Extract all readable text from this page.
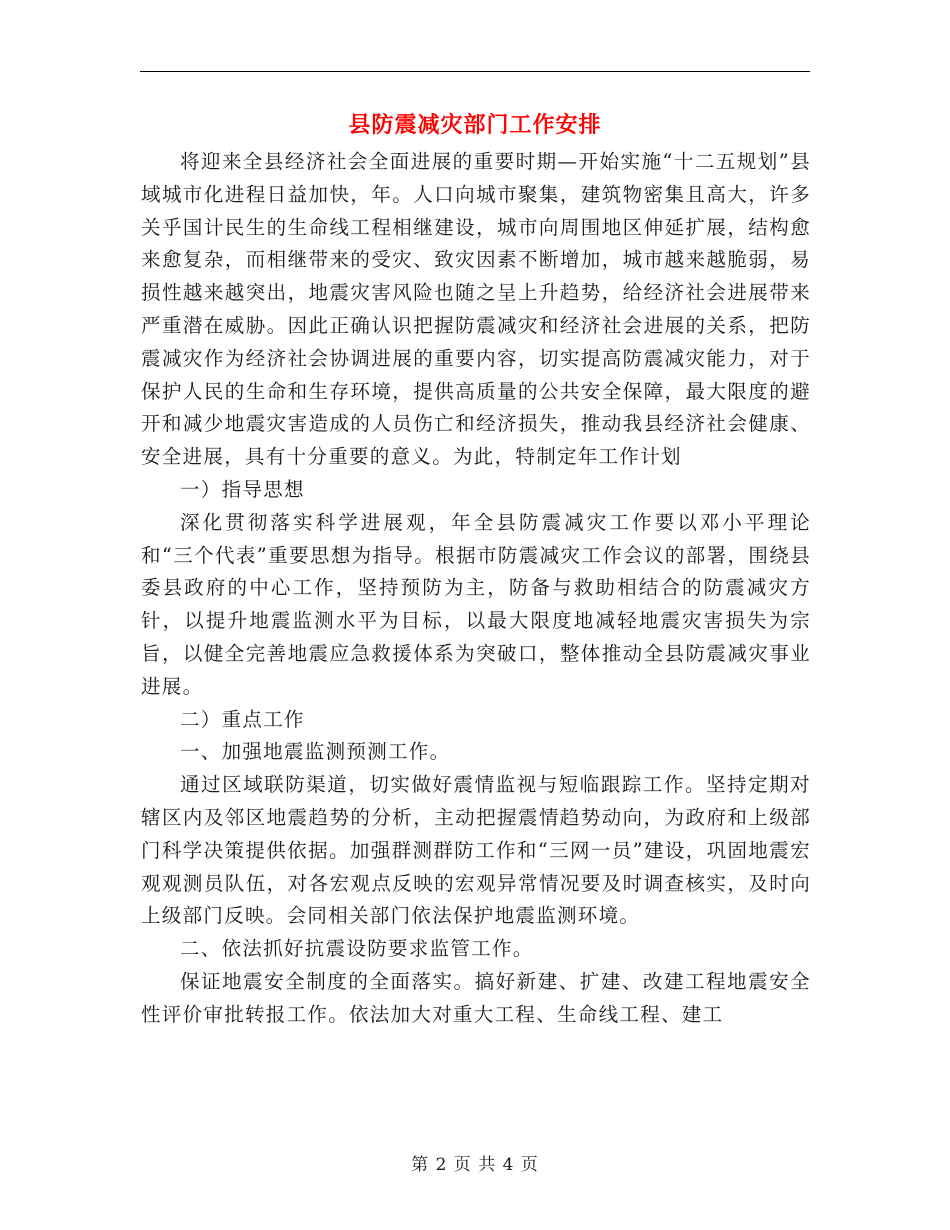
县防震减灾部门工作安排

将迎来全县经济社会全面进展的重要时期—开始实施“十二五规划”县域城市化进程日益加快，年。人口向城市聚集，建筑物密集且高大，许多关乎国计民生的生命线工程相继建设，城市向周围地区伸延扩展，结构愈来愈复杂，而相继带来的受灾、致灾因素不断增加，城市越来越脆弱，易损性越来越突出，地震灾害风险也随之呈上升趋势，给经济社会进展带来严重潜在威胁。因此正确认识把握防震减灾和经济社会进展的关系，把防震减灾作为经济社会协调进展的重要内容，切实提高防震减灾能力，对于保护人民的生命和生存环境，提供高质量的公共安全保障，最大限度的避开和减少地震灾害造成的人员伤亡和经济损失，推动我县经济社会健康、安全进展，具有十分重要的意义。为此，特制定年工作计划

一）指导思想

深化贯彻落实科学进展观，年全县防震减灾工作要以邓小平理论和“三个代表”重要思想为指导。根据市防震减灾工作会议的部署，围绕县委县政府的中心工作，坚持预防为主，防备与救助相结合的防震减灾方针，以提升地震监测水平为目标，以最大限度地减轻地震灾害损失为宗旨，以健全完善地震应急救援体系为突破口，整体推动全县防震减灾事业进展。

二）重点工作

一、加强地震监测预测工作。

通过区域联防渠道，切实做好震情监视与短临跟踪工作。坚持定期对辖区内及邻区地震趋势的分析，主动把握震情趋势动向，为政府和上级部门科学决策提供依据。加强群测群防工作和“三网一员”建设，巩固地震宏观观测员队伍，对各宏观点反映的宏观异常情况要及时调查核实，及时向上级部门反映。会同相关部门依法保护地震监测环境。

二、依法抓好抗震设防要求监管工作。

保证地震安全制度的全面落实。搞好新建、扩建、改建工程地震安全性评价审批转报工作。依法加大对重大工程、生命线工程、建工

第 2 页 共 4 页
